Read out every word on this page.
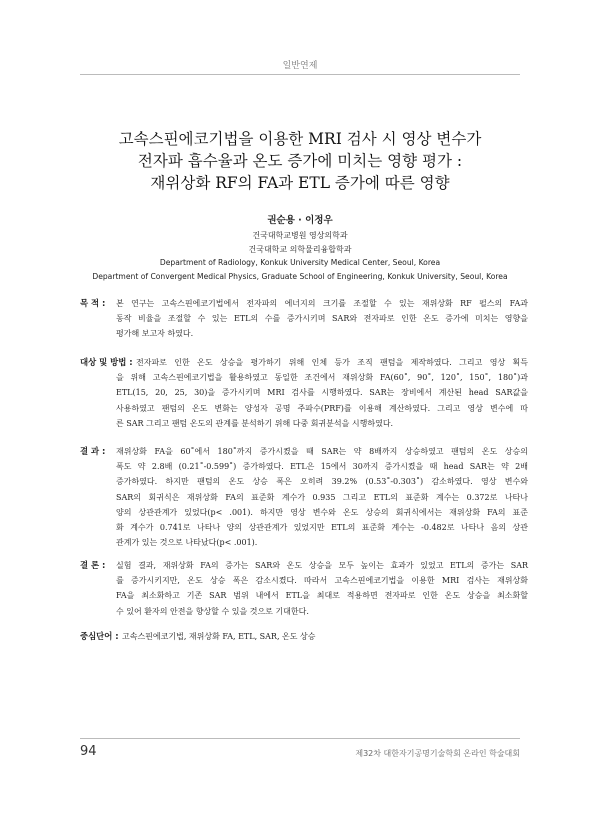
일반연제
고속스핀에코기법을 이용한 MRI 검사 시 영상 변수가
전자파 흡수율과 온도 증가에 미치는 영향 평가 :
재위상화 RF의 FA과 ETL 증가에 따른 영향
권순용 · 이정우
건국대학교병원 영상의학과
건국대학교 의학물리융합학과
Department of Radiology, Konkuk University Medical Center, Seoul, Korea
Department of Convergent Medical Physics, Graduate School of Engineering, Konkuk University, Seoul, Korea
목 적 :	본 연구는 고속스핀에코기법에서 전자파의 에너지의 크기를 조절할 수 있는 재위상화 RF 펄스의 FA과
동작 비율을 조절할 수 있는 ETL의 수를 증가시키며 SAR와 전자파로 인한 온도 증가에 미치는 영향을
평가해 보고자 하였다.
대상 및 방법 : 전자파로 인한 온도 상승을 평가하기 위해 인체 등가 조직 팬텀을 제작하였다. 그리고 영상 획득
을 위해 고속스핀에코기법을 활용하였고 동일한 조건에서 재위상화 FA(60˚, 90˚, 120˚, 150˚, 180˚)과
ETL(15, 20, 25, 30)을 증가시키며 MRI 검사를 시행하였다. SAR는 장비에서 계산된 head SAR값을
사용하였고 팬텀의 온도 변화는 양성자 공명 주파수(PRF)를 이용해 계산하였다. 그리고 영상 변수에 따
른 SAR 그리고 팬텀 온도의 관계를 분석하기 위해 다중 회귀분석을 시행하였다.
결 과 :	재위상화 FA을 60˚에서 180˚까지 증가시켰을 때 SAR는 약 8배까지 상승하였고 팬텀의 온도 상승의
폭도 약 2.8배 (0.21˚-0.599˚) 증가하였다. ETL은 15에서 30까지 증가시켰을 때 head SAR는 약 2배
증가하였다. 하지만 팬텀의 온도 상승 폭은 오히려 39.2% (0.53˚-0.303˚) 감소하였다. 영상 변수와
SAR의 회귀식은 재위상화 FA의 표준화 계수가 0.935 그리고 ETL의 표준화 계수는 0.372로 나타나
양의 상관관계가 있었다(p< .001). 하지만 영상 변수와 온도 상승의 회귀식에서는 재위상화 FA의 표준
화 계수가 0.741로 나타나 양의 상관관계가 있었지만 ETL의 표준화 계수는 -0.482로 나타나 음의 상관
관계가 있는 것으로 나타났다(p< .001).
결 론 :	실험 결과, 재위상화 FA의 증가는 SAR와 온도 상승을 모두 높이는 효과가 있었고 ETL의 증가는 SAR
를 증가시키지만, 온도 상승 폭은 감소시켰다. 따라서 고속스핀에코기법을 이용한 MRI 검사는 재위상화
FA을 최소화하고 기존 SAR 범위 내에서 ETL을 최대로 적용하면 전자파로 인한 온도 상승을 최소화할
수 있어 환자의 안전을 향상할 수 있을 것으로 기대한다.
중심단어 : 고속스핀에코기법, 재위상화 FA, ETL, SAR, 온도 상승
94	제32차 대한자기공명기술학회 온라인 학술대회
